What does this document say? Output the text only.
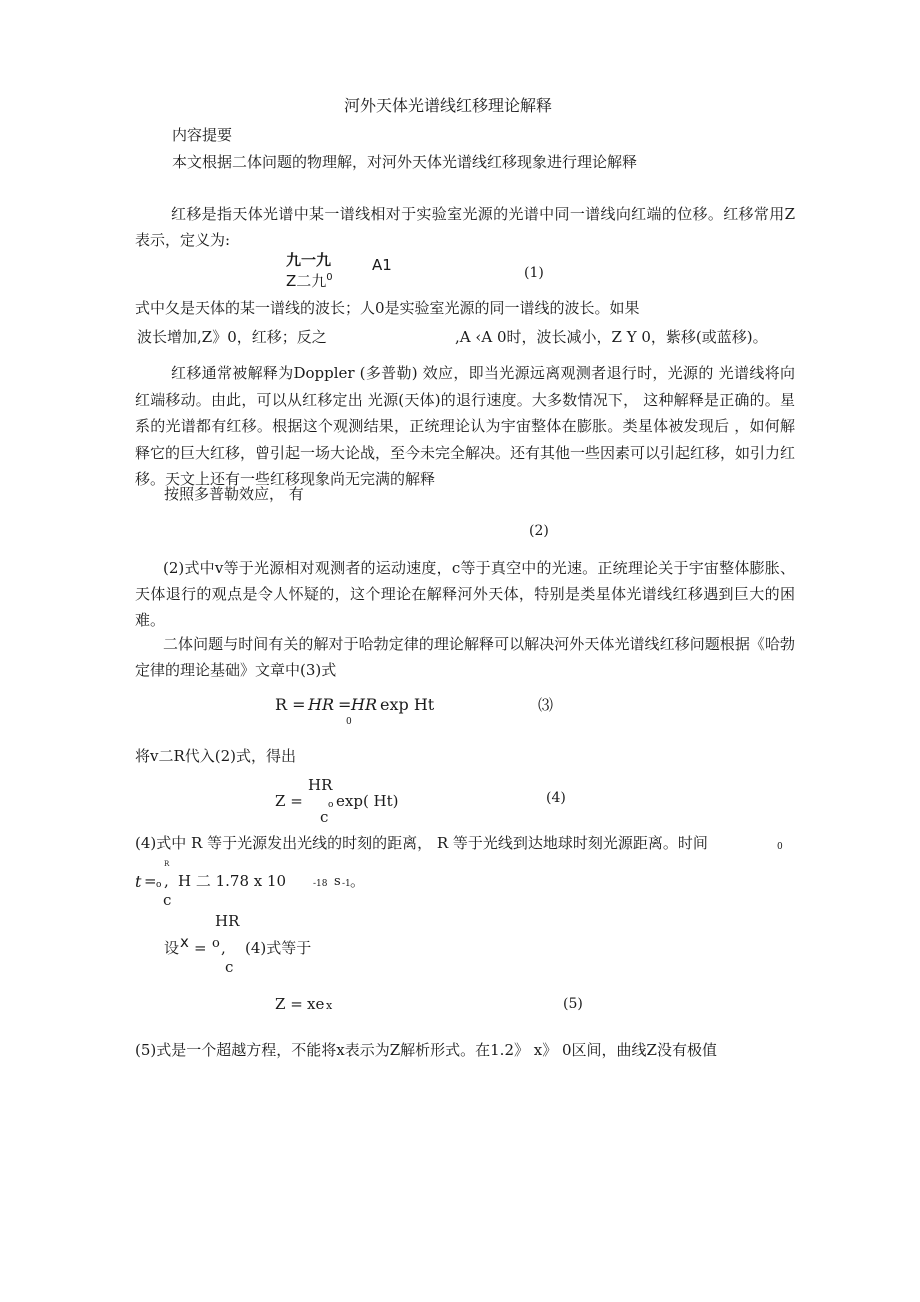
河外天体光谱线红移理论解释
内容提要
本文根据二体问题的物理解，对河外天体光谱线红移现象进行理论解释
红移是指天体光谱中某一谱线相对于实验室光源的光谱中同一谱线向红端的位移。红移常用Z表示，定义为:
九一九
Z二九$^0$
A1	(1)
式中夂是天体的某一谱线的波长；人0是实验室光源的同一谱线的波长。如果
波长增加,Z》0，红移；反之	,A ‹A 0时，波长减小，Z Y 0，紫移(或蓝移)。
红移通常被解释为Doppler (多普勒) 效应，即当光源远离观测者退行时，光源的 光谱线将向红端移动。由此，可以从红移定出 光源(天体)的退行速度。大多数情况下， 这种解释是正确的。星系的光谱都有红移。根据这个观测结果，正统理论认为宇宙整体在膨胀。类星体被发现后 ，如何解释它的巨大红移，曾引起一场大论战，至今未完全解决。还有其他一些因素可以引起红移，如引力红移。天文上还有一些红移现象尚无完满的解释
按照多普勒效应， 有
(2)
(2)式中v等于光源相对观测者的运动速度，c等于真空中的光速。正统理论关于宇宙整体膨胀、天体退行的观点是令人怀疑的，这个理论在解释河外天体，特别是类星体光谱线红移遇到巨大的困难。
二体问题与时间有关的解对于哈勃定律的理论解释可以解决河外天体光谱线红移问题根据《哈勃定律的理论基础》文章中(3)式
R = HR = HR exp Ht
0
⑶
将v二R代入(2)式，得出
HR
Z =	o exp( Ht)
c
(4)
(4)式中 R 等于光源发出光线的时刻的距离， R 等于光线到达地球时刻光源距离。时间	0
R
t = o , H 二 1.78 x 10	-18 s -1 。
c
HR
设 x = o , (4)式等于
c
Z = xe x	(5)
(5)式是一个超越方程，不能将x表示为Z解析形式。在1.2》 x》 0区间，曲线Z没有极值
